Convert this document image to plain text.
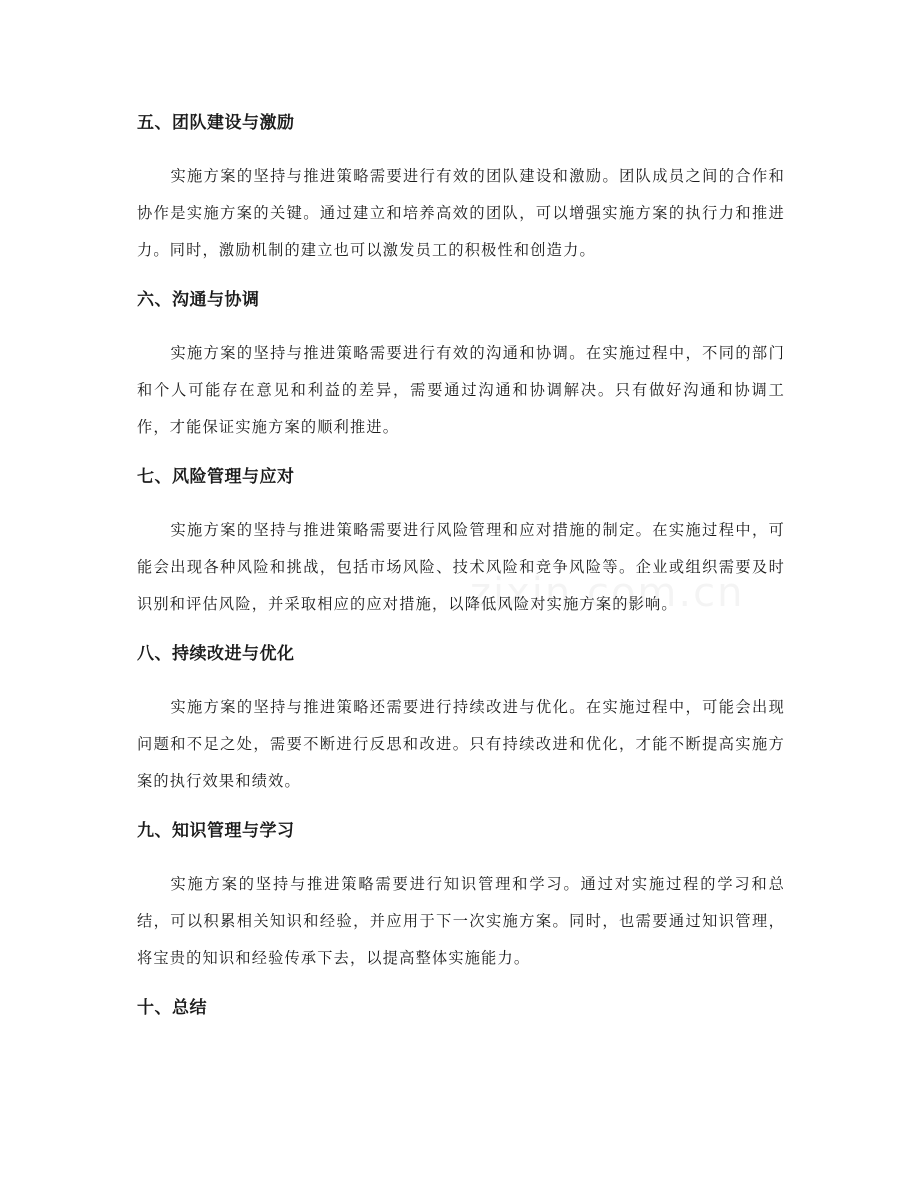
五、团队建设与激励

实施方案的坚持与推进策略需要进行有效的团队建设和激励。团队成员之间的合作和协作是实施方案的关键。通过建立和培养高效的团队，可以增强实施方案的执行力和推进力。同时，激励机制的建立也可以激发员工的积极性和创造力。

六、沟通与协调

实施方案的坚持与推进策略需要进行有效的沟通和协调。在实施过程中，不同的部门和个人可能存在意见和利益的差异，需要通过沟通和协调解决。只有做好沟通和协调工作，才能保证实施方案的顺利推进。

七、风险管理与应对

实施方案的坚持与推进策略需要进行风险管理和应对措施的制定。在实施过程中，可能会出现各种风险和挑战，包括市场风险、技术风险和竞争风险等。企业或组织需要及时识别和评估风险，并采取相应的应对措施，以降低风险对实施方案的影响。

八、持续改进与优化

实施方案的坚持与推进策略还需要进行持续改进与优化。在实施过程中，可能会出现问题和不足之处，需要不断进行反思和改进。只有持续改进和优化，才能不断提高实施方案的执行效果和绩效。

九、知识管理与学习

实施方案的坚持与推进策略需要进行知识管理和学习。通过对实施过程的学习和总结，可以积累相关知识和经验，并应用于下一次实施方案。同时，也需要通过知识管理，将宝贵的知识和经验传承下去，以提高整体实施能力。

十、总结
